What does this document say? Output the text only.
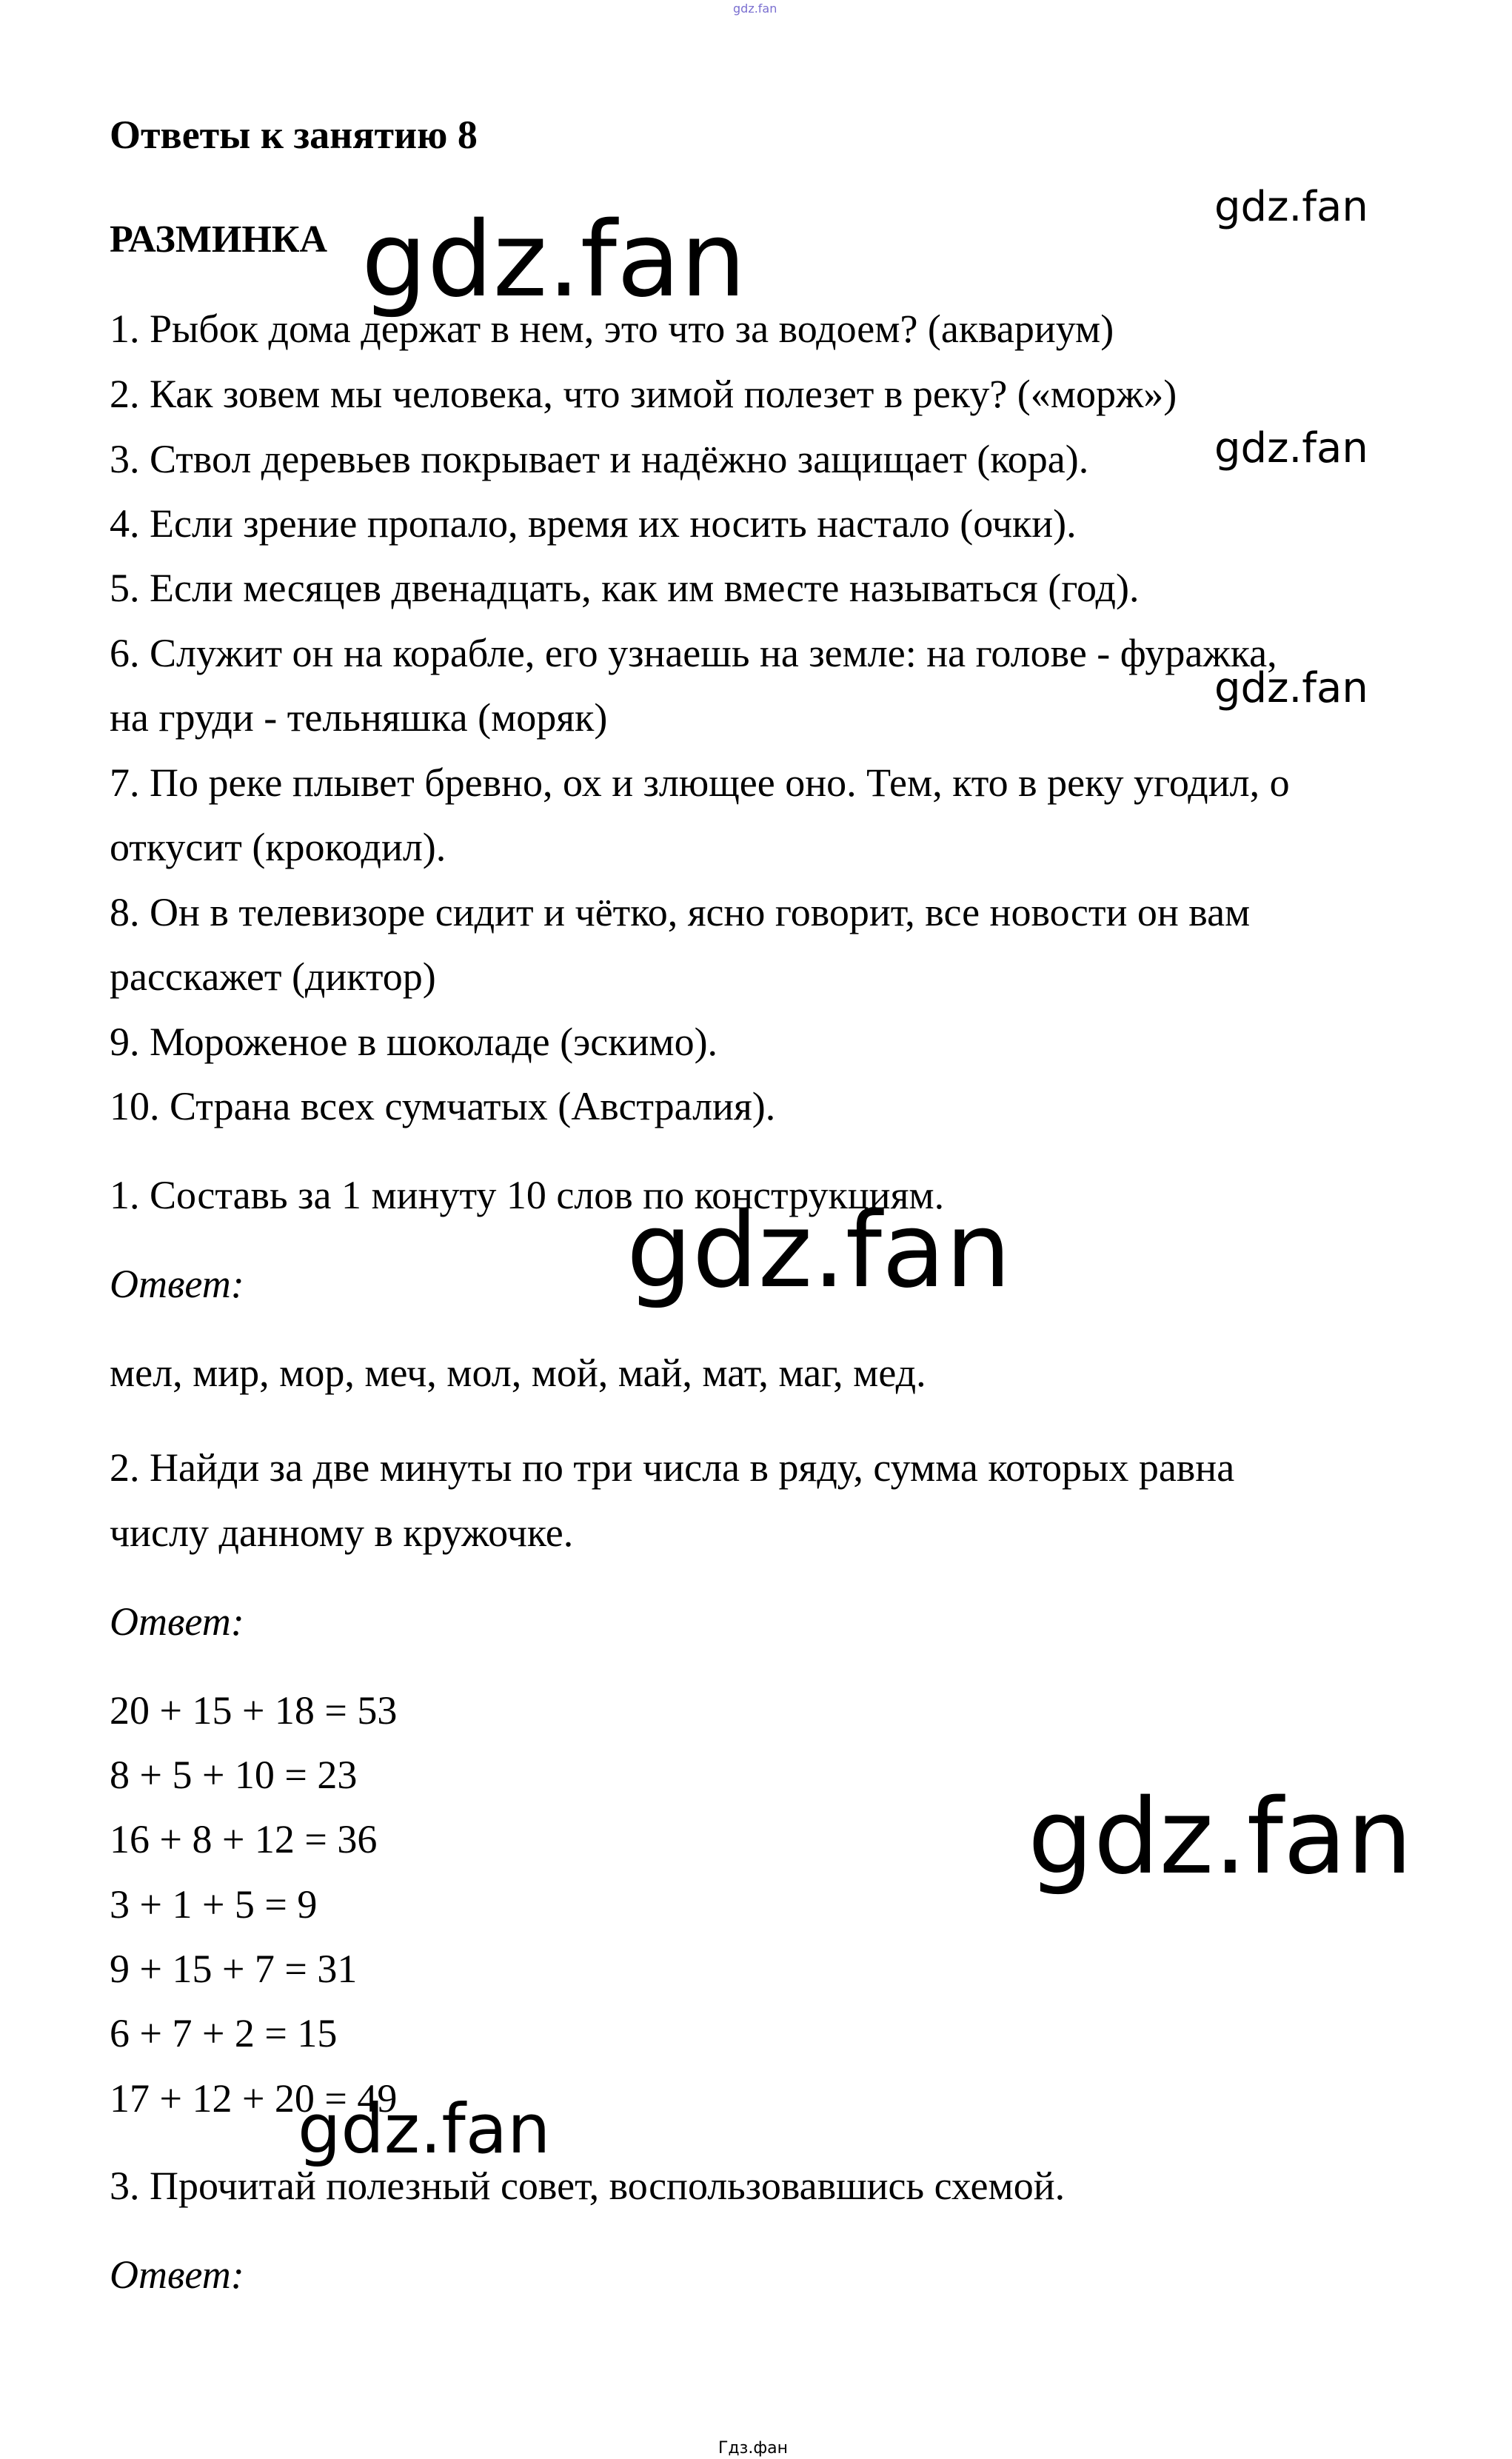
gdz.fan
Ответы к занятию 8
РАЗМИНКА
1. Рыбок дома держат в нем, это что за водоем? (аквариум)
2. Как зовем мы человека, что зимой полезет в реку? («морж»)
3. Ствол деревьев покрывает и надёжно защищает (кора).
4. Если зрение пропало, время их носить настало (очки).
5. Если месяцев двенадцать, как им вместе называться (год).
6. Служит он на корабле, его узнаешь на земле: на голове - фуражка,
на груди - тельняшка (моряк)
7. По реке плывет бревно, ох и злющее оно. Тем, кто в реку угодил, о
откусит (крокодил).
8. Он в телевизоре сидит и чётко, ясно говорит, все новости он вам
расскажет (диктор)
9. Мороженое в шоколаде (эскимо).
10. Страна всех сумчатых (Австралия).
1. Составь за 1 минуту 10 слов по конструкциям.
Ответ:
мел, мир, мор, меч, мол, мой, май, мат, маг, мед.
2. Найди за две минуты по три числа в ряду, сумма которых равна
числу данному в кружочке.
Ответ:
20 + 15 + 18 = 53
8 + 5 + 10 = 23
16 + 8 + 12 = 36
3 + 1 + 5 = 9
9 + 15 + 7 = 31
6 + 7 + 2 = 15
17 + 12 + 20 = 49
3. Прочитай полезный совет, воспользовавшись схемой.
Ответ:
gdz.fan
gdz.fan
gdz.fan
gdz.fan
gdz.fan
gdz.fan
gdz.fan
Гдз.фан
